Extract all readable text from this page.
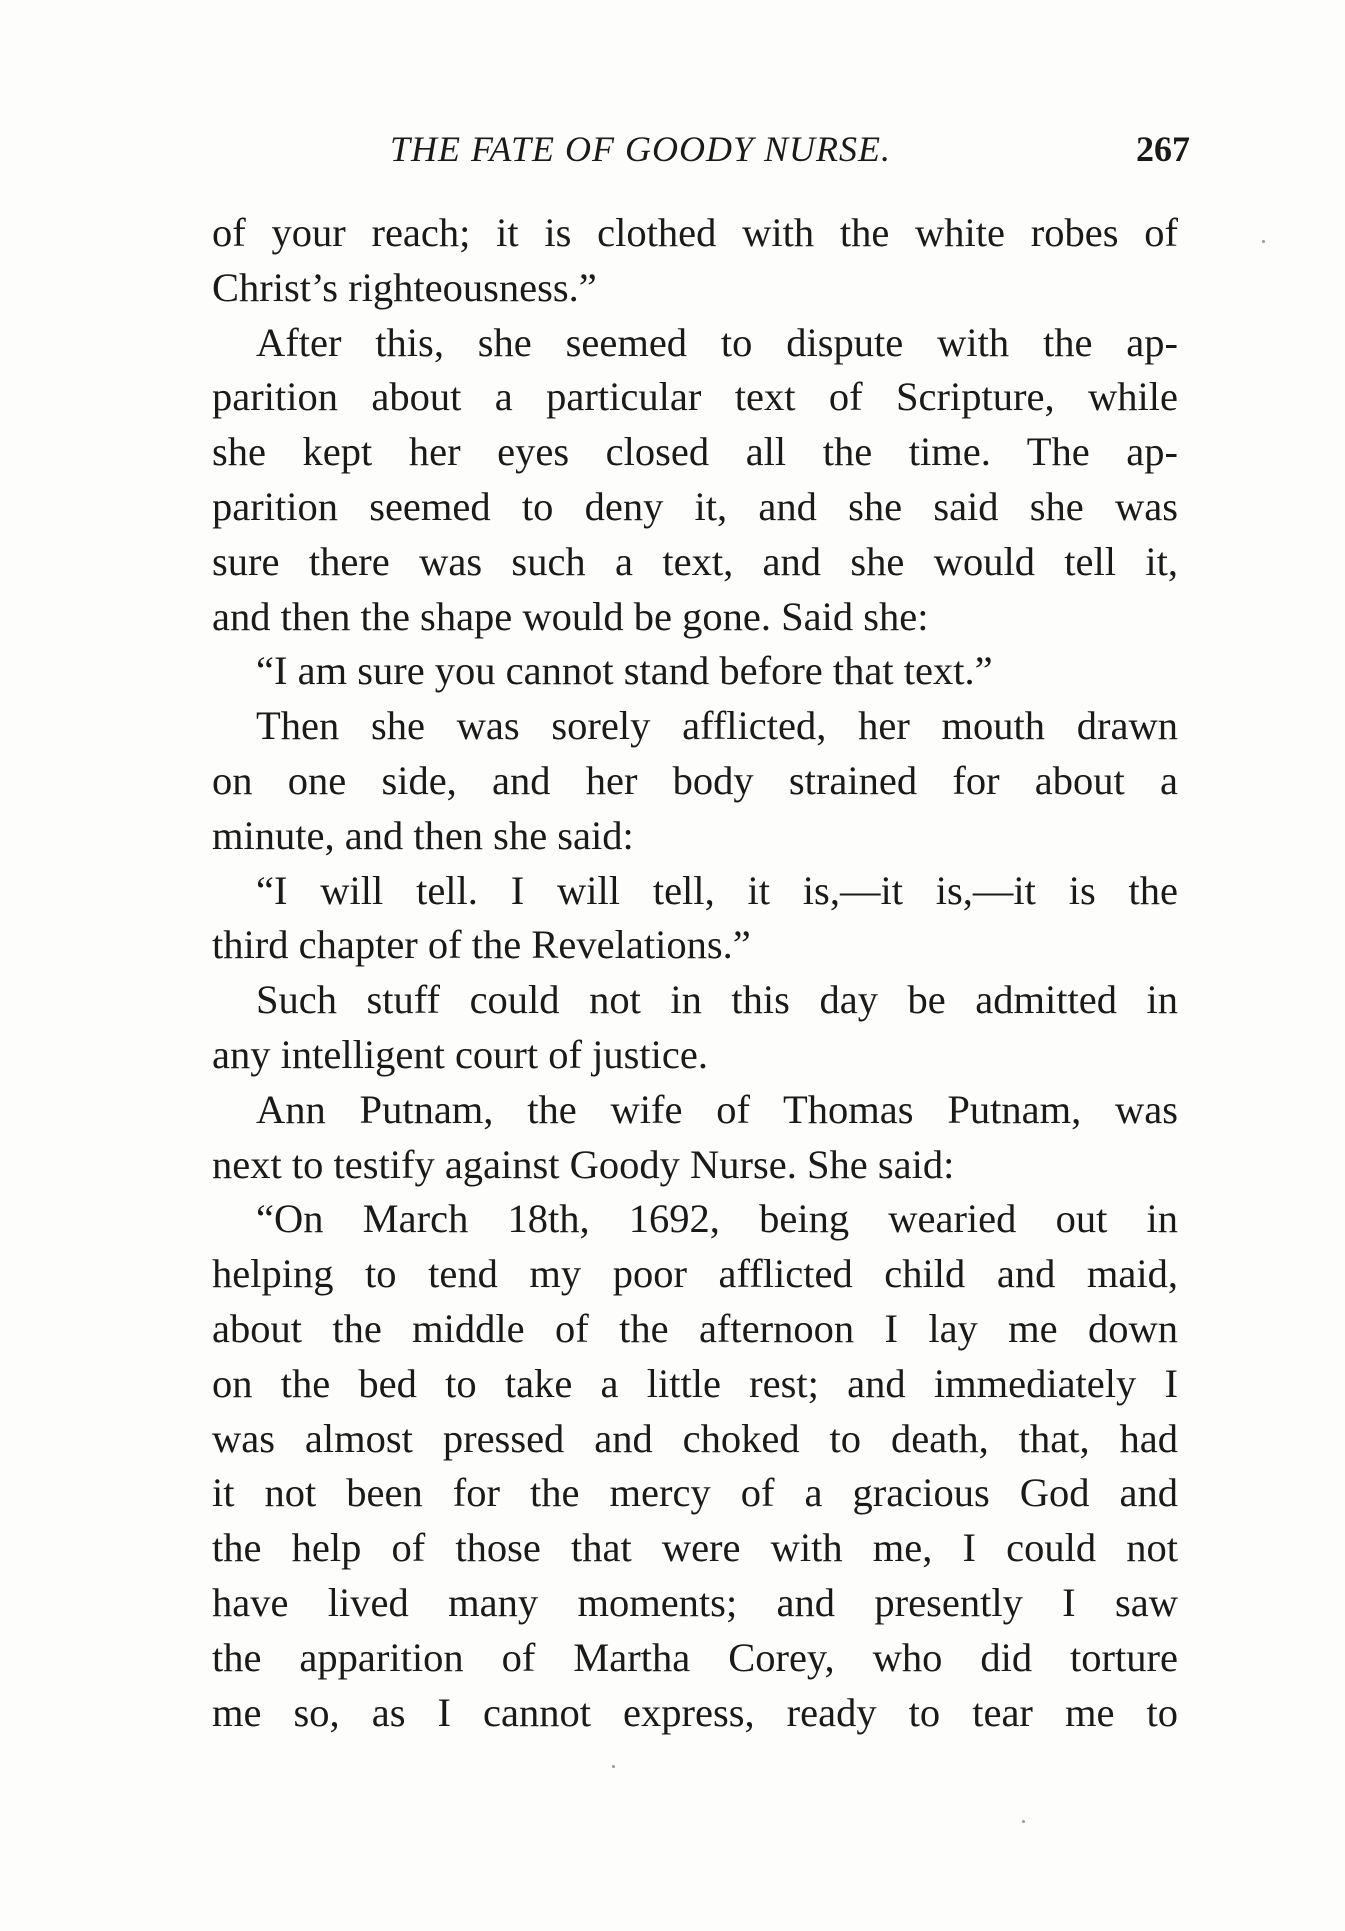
THE FATE OF GOODY NURSE.	267
of your reach; it is clothed with the white robes of
Christ’s righteousness.”
After this, she seemed to dispute with the ap-
parition about a particular text of Scripture, while
she kept her eyes closed all the time. The ap-
parition seemed to deny it, and she said she was
sure there was such a text, and she would tell it,
and then the shape would be gone. Said she:
“I am sure you cannot stand before that text.”
Then she was sorely afflicted, her mouth drawn
on one side, and her body strained for about a
minute, and then she said:
“I will tell. I will tell, it is,—it is,—it is the
third chapter of the Revelations.”
Such stuff could not in this day be admitted in
any intelligent court of justice.
Ann Putnam, the wife of Thomas Putnam, was
next to testify against Goody Nurse. She said:
“On March 18th, 1692, being wearied out in
helping to tend my poor afflicted child and maid,
about the middle of the afternoon I lay me down
on the bed to take a little rest; and immediately I
was almost pressed and choked to death, that, had
it not been for the mercy of a gracious God and
the help of those that were with me, I could not
have lived many moments; and presently I saw
the apparition of Martha Corey, who did torture
me so, as I cannot express, ready to tear me to
